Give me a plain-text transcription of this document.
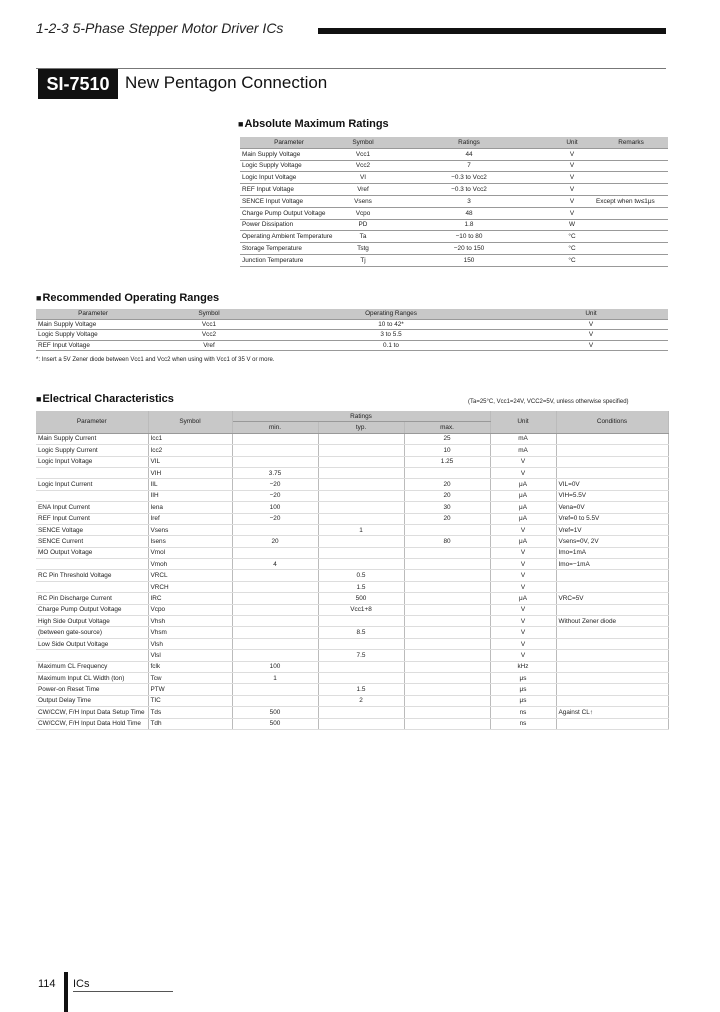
1-2-3 5-Phase Stepper Motor Driver ICs
SI-7510 New Pentagon Connection
■ Absolute Maximum Ratings
Parameter	Symbol	Ratings	Unit	Remarks
Main Supply Voltage	Vcc1	44	V	
Logic Supply Voltage	Vcc2	7	V	
Logic Input Voltage	VI	−0.3 to Vcc2	V	
REF Input Voltage	Vref	−0.3 to Vcc2	V	
SENCE Input Voltage	Vsens	3	V	Except when tw≤1μs
Charge Pump Output Voltage	Vcpo	48	V	
Power Dissipation	PD	1.8	W	
Operating Ambient Temperature	Ta	−10 to 80	°C	
Storage Temperature	Tstg	−20 to 150	°C	
Junction Temperature	Tj	150	°C	
■ Recommended Operating Ranges
Parameter	Symbol	Operating Ranges	Unit
Main Supply Voltage	Vcc1	10 to 42*	V
Logic Supply Voltage	Vcc2	3 to 5.5	V
REF Input Voltage	Vref	0.1 to	V
*: Insert a 5V Zener diode between Vcc1 and Vcc2 when using with Vcc1 of 35 V or more.
■ Electrical Characteristics	(Ta=25°C, Vcc1=24V, VCC2=5V, unless otherwise specified)
Parameter	Symbol	Ratings			Unit	Conditions
		min.	typ.	max.		
Main Supply Current	Icc1			25	mA	
Logic Supply Current	Icc2			10	mA	
Logic Input Voltage	VIL			1.25	V	
	VIH	3.75			V	
Logic Input Current	IIL	−20		20	μA	VIL=0V
	IIH	−20		20	μA	VIH=5.5V
ENA Input Current	Iena	100		30	μA	Vena=0V
REF Input Current	Iref	−20		20	μA	Vref=0 to 5.5V
SENCE Voltage	Vsens		1		V	Vref=1V
SENCE Current	Isens	20		80	μA	Vsens=0V, 2V
MO Output Voltage	Vmol				V	Imo=1mA
	Vmoh	4			V	Imo=−1mA
RC Pin Threshold Voltage	VRCL		0.5		V	
	VRCH		1.5		V	
RC Pin Discharge Current	IRC		500		μA	VRC=5V
Charge Pump Output Voltage	Vcpo		Vcc1+8		V	
High Side Output Voltage	Vhsh				V	Without Zener diode
(between gate-source)	Vhsm		8.5		V	
Low Side Output Voltage	Vlsh				V	
	Vlsl		7.5		V	
Maximum CL Frequency	fclk	100			kHz	
Maximum Input CL Width (ton)	Tcw	1			μs	
Power-on Reset Time	PTW		1.5		μs	
Output Delay Time	TIC		2		μs	
CW/CCW, F/H Input Data Setup Time	Tds	500			ns	Against CL↑
CW/CCW, F/H Input Data Hold Time	Tdh	500			ns	
114 ICs
